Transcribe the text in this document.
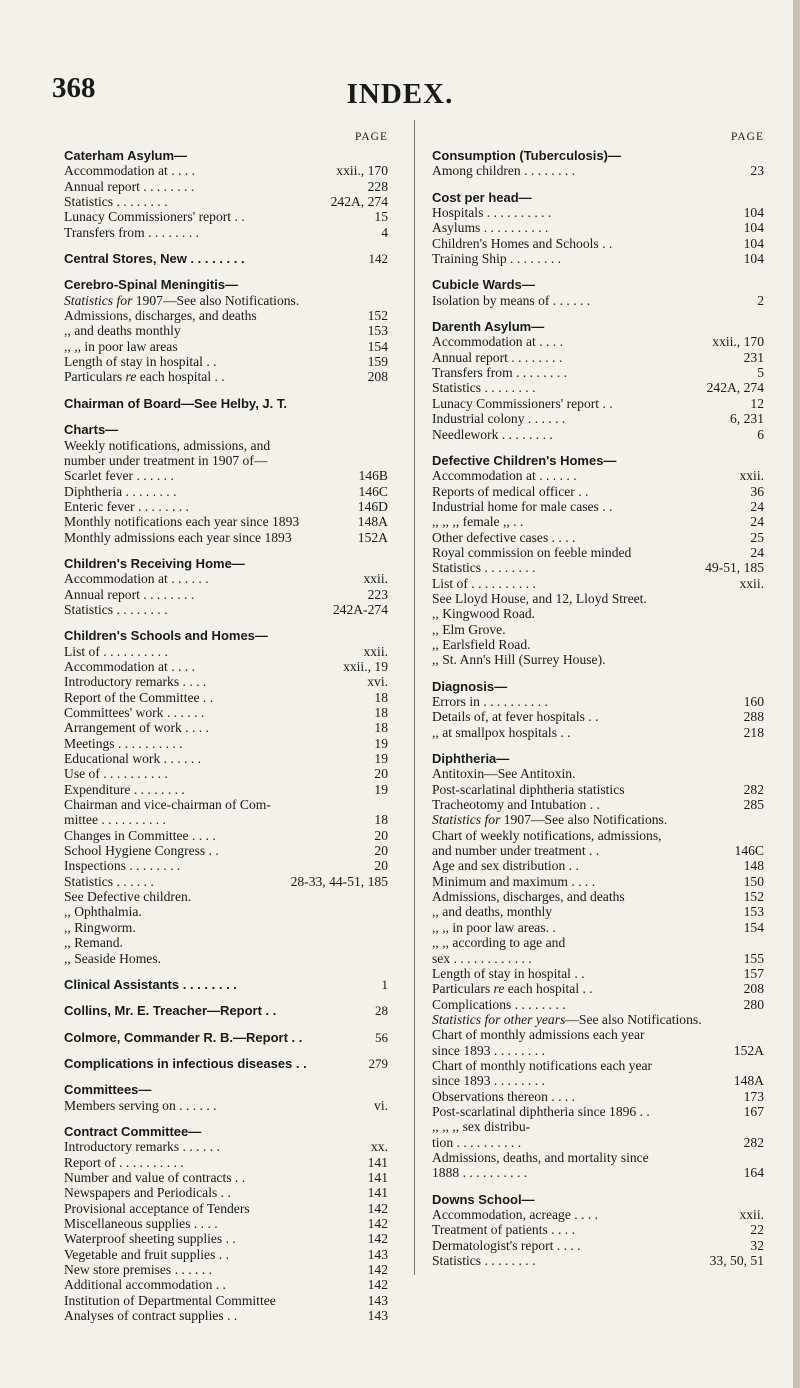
368	INDEX.
PAGE
Caterham Asylum—
Accommodation at . . . .	xxii., 170
Annual report . . . . . . . .	228
Statistics . . . . . . . .	242A, 274
Lunacy Commissioners' report . .	15
Transfers from . . . . . . . .	4
Central Stores, New . . . . . . . .	142
Cerebro-Spinal Meningitis—
Statistics for 1907—See also Notifications.
Admissions, discharges, and deaths	152
,, and deaths monthly	153
,, ,, in poor law areas	154
Length of stay in hospital . .	159
Particulars re each hospital . .	208
Chairman of Board—See Helby, J. T.
Charts—
Weekly notifications, admissions, and
number under treatment in 1907 of—
Scarlet fever . . . . . .	146B
Diphtheria . . . . . . . .	146C
Enteric fever . . . . . . . .	146D
Monthly notifications each year since 1893	148A
Monthly admissions each year since 1893	152A
Children's Receiving Home—
Accommodation at . . . . . .	xxii.
Annual report . . . . . . . .	223
Statistics . . . . . . . .	242A-274
Children's Schools and Homes—
List of . . . . . . . . . .	xxii.
Accommodation at . . . .	xxii., 19
Introductory remarks . . . .	xvi.
Report of the Committee . .	18
Committees' work . . . . . .	18
Arrangement of work . . . .	18
Meetings . . . . . . . . . .	19
Educational work . . . . . .	19
Use of . . . . . . . . . .	20
Expenditure . . . . . . . .	19
Chairman and vice-chairman of Com-
mittee . . . . . . . . . .	18
Changes in Committee . . . .	20
School Hygiene Congress . .	20
Inspections . . . . . . . .	20
Statistics . . . . . .	28-33, 44-51, 185
See Defective children.
,, Ophthalmia.
,, Ringworm.
,, Remand.
,, Seaside Homes.
Clinical Assistants . . . . . . . .	1
Collins, Mr. E. Treacher—Report . .	28
Colmore, Commander R. B.—Report . .	56
Complications in infectious diseases . .	279
Committees—
Members serving on . . . . . .	vi.
Contract Committee—
Introductory remarks . . . . . .	xx.
Report of . . . . . . . . . .	141
Number and value of contracts . .	141
Newspapers and Periodicals . .	141
Provisional acceptance of Tenders	142
Miscellaneous supplies . . . .	142
Waterproof sheeting supplies . .	142
Vegetable and fruit supplies . .	143
New store premises . . . . . .	142
Additional accommodation . .	142
Institution of Departmental Committee	143
Analyses of contract supplies . .	143
PAGE
Consumption (Tuberculosis)—
Among children . . . . . . . .	23
Cost per head—
Hospitals . . . . . . . . . .	104
Asylums . . . . . . . . . .	104
Children's Homes and Schools . .	104
Training Ship . . . . . . . .	104
Cubicle Wards—
Isolation by means of . . . . . .	2
Darenth Asylum—
Accommodation at . . . .	xxii., 170
Annual report . . . . . . . .	231
Transfers from . . . . . . . .	5
Statistics . . . . . . . .	242A, 274
Lunacy Commissioners' report . .	12
Industrial colony . . . . . .	6, 231
Needlework . . . . . . . .	6
Defective Children's Homes—
Accommodation at . . . . . .	xxii.
Reports of medical officer . .	36
Industrial home for male cases . .	24
,, ,, ,, female ,, . .	24
Other defective cases . . . .	25
Royal commission on feeble minded	24
Statistics . . . . . . . .	49-51, 185
List of . . . . . . . . . .	xxii.
See Lloyd House, and 12, Lloyd Street.
,, Kingwood Road.
,, Elm Grove.
,, Earlsfield Road.
,, St. Ann's Hill (Surrey House).
Diagnosis—
Errors in . . . . . . . . . .	160
Details of, at fever hospitals . .	288
,, at smallpox hospitals . .	218
Diphtheria—
Antitoxin—See Antitoxin.
Post-scarlatinal diphtheria statistics	282
Tracheotomy and Intubation . .	285
Statistics for 1907—See also Notifications.
Chart of weekly notifications, admissions,
and number under treatment . .	146C
Age and sex distribution . .	148
Minimum and maximum . . . .	150
Admissions, discharges, and deaths	152
,, and deaths, monthly	153
,, ,, in poor law areas. .	154
,, ,, according to age and
sex . . . . . . . . . . . .	155
Length of stay in hospital . .	157
Particulars re each hospital . .	208
Complications . . . . . . . .	280
Statistics for other years—See also Notifications.
Chart of monthly admissions each year
since 1893 . . . . . . . .	152A
Chart of monthly notifications each year
since 1893 . . . . . . . .	148A
Observations thereon . . . .	173
Post-scarlatinal diphtheria since 1896 . .	167
,, ,, ,, sex distribu-
tion . . . . . . . . . .	282
Admissions, deaths, and mortality since
1888 . . . . . . . . . .	164
Downs School—
Accommodation, acreage . . . .	xxii.
Treatment of patients . . . .	22
Dermatologist's report . . . .	32
Statistics . . . . . . . .	33, 50, 51
